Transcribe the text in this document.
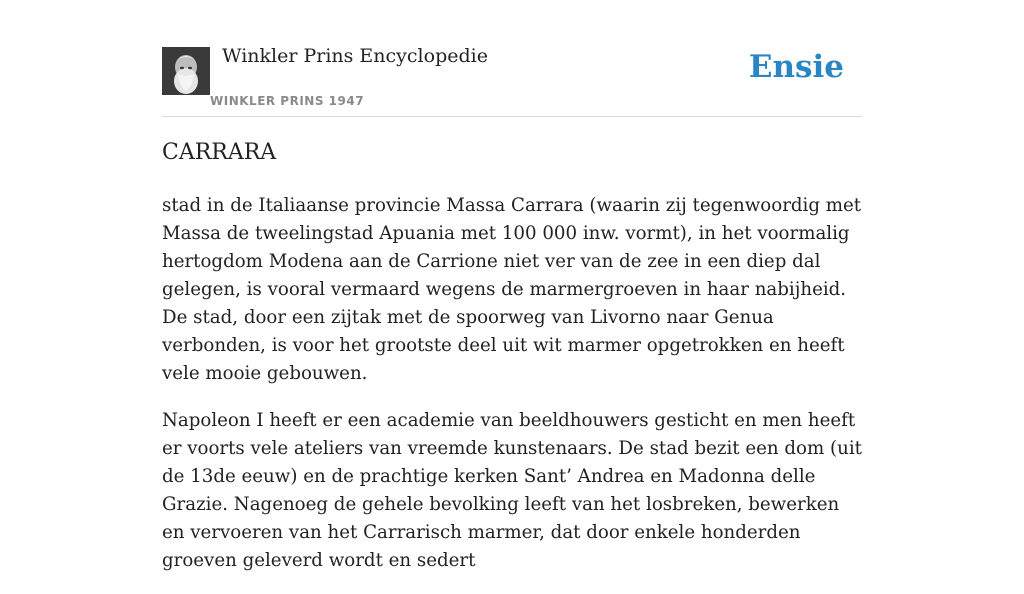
Winkler Prins Encyclopedie
WINKLER PRINS 1947
Ensie
CARRARA

stad in de Italiaanse provincie Massa Carrara (waarin zij tegenwoordig met Massa de tweelingstad Apuania met 100 000 inw. vormt), in het voormalig hertogdom Modena aan de Carrione niet ver van de zee in een diep dal gelegen, is vooral vermaard wegens de marmergroeven in haar nabijheid. De stad, door een zijtak met de spoorweg van Livorno naar Genua verbonden, is voor het grootste deel uit wit marmer opgetrokken en heeft vele mooie gebouwen.

Napoleon I heeft er een academie van beeldhouwers gesticht en men heeft er voorts vele ateliers van vreemde kunstenaars. De stad bezit een dom (uit de 13de eeuw) en de prachtige kerken Sant’ Andrea en Madonna delle Grazie. Nagenoeg de gehele bevolking leeft van het losbreken, bewerken en vervoeren van het Carrarisch marmer, dat door enkele honderden groeven geleverd wordt en sedert
